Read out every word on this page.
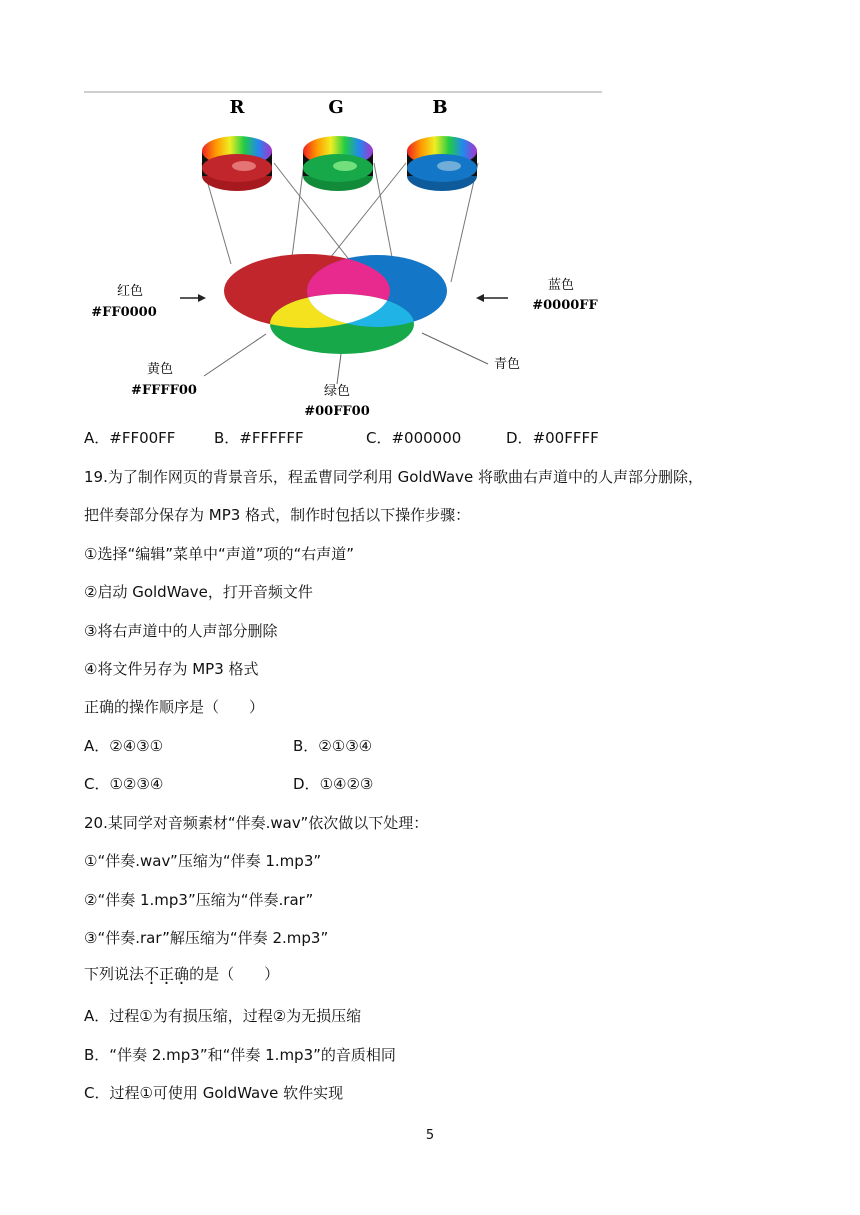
R	G	B
红色
#FF0000
蓝色
#0000FF
黄色
#FFFF00	绿色
#00FF00
青色
A．#FF00FF	B．#FFFFFF	C．#000000	D．#00FFFF
19.为了制作网页的背景音乐，程孟曹同学利用 GoldWave 将歌曲右声道中的人声部分删除，
把伴奏部分保存为 MP3 格式，制作时包括以下操作步骤：
①选择“编辑”菜单中“声道”项的“右声道”
②启动 GoldWave，打开音频文件
③将右声道中的人声部分删除
④将文件另存为 MP3 格式
正确的操作顺序是（　　）
A．②④③①	B．②①③④
C．①②③④	D．①④②③
20.某同学对音频素材“伴奏.wav”依次做以下处理：
①“伴奏.wav”压缩为“伴奏 1.mp3”
②“伴奏 1.mp3”压缩为“伴奏.rar”
③“伴奏.rar”解压缩为“伴奏 2.mp3”
下列说法不正确的是（　　）
A．过程①为有损压缩，过程②为无损压缩
B．“伴奏 2.mp3”和“伴奏 1.mp3”的音质相同
C．过程①可使用 GoldWave 软件实现
5
